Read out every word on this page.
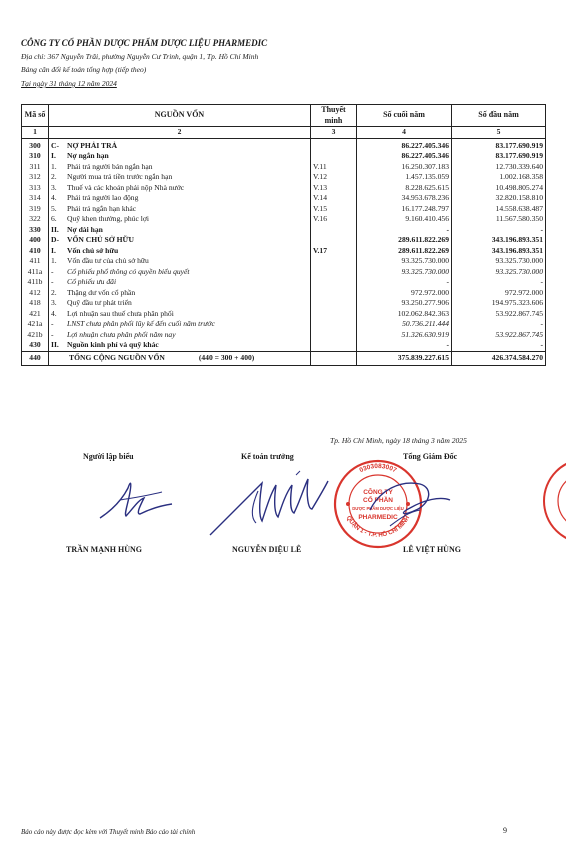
CÔNG TY CỔ PHẦN DƯỢC PHẨM DƯỢC LIỆU PHARMEDIC
Địa chỉ: 367 Nguyễn Trãi, phường Nguyễn Cư Trinh, quận 1, Tp. Hồ Chí Minh
Bảng cân đối kế toán tổng hợp (tiếp theo)
Tại ngày 31 tháng 12 năm 2024
Mã số	NGUỒN VỐN	Thuyết minh	Số cuối năm	Số đầu năm
1	2	3	4	5
300	C- NỢ PHẢI TRẢ		86.227.405.346	83.177.690.919
310	I. Nợ ngắn hạn		86.227.405.346	83.177.690.919
311	1. Phải trả người bán ngắn hạn	V.11	16.250.307.183	12.730.339.640
312	2. Người mua trả tiền trước ngắn hạn	V.12	1.457.135.059	1.002.168.358
313	3. Thuế và các khoản phải nộp Nhà nước	V.13	8.228.625.615	10.498.805.274
314	4. Phải trả người lao động	V.14	34.953.678.236	32.820.158.810
319	5. Phải trả ngắn hạn khác	V.15	16.177.248.797	14.558.638.487
322	6. Quỹ khen thưởng, phúc lợi	V.16	9.160.410.456	11.567.580.350
330	II. Nợ dài hạn		-	-
400	D- VỐN CHỦ SỞ HỮU		289.611.822.269	343.196.893.351
410	I. Vốn chủ sở hữu	V.17	289.611.822.269	343.196.893.351
411	1. Vốn đầu tư của chủ sở hữu		93.325.730.000	93.325.730.000
411a	- Cổ phiếu phổ thông có quyền biểu quyết		93.325.730.000	93.325.730.000
411b	- Cổ phiếu ưu đãi		-	-
412	2. Thặng dư vốn cổ phần		972.972.000	972.972.000
418	3. Quỹ đầu tư phát triển		93.250.277.906	194.975.323.606
421	4. Lợi nhuận sau thuế chưa phân phối		102.062.842.363	53.922.867.745
421a	- LNST chưa phân phối lũy kế đến cuối năm trước		50.736.211.444	-
421b	- Lợi nhuận chưa phân phối năm nay		51.326.630.919	53.922.867.745
430	II. Nguồn kinh phí và quỹ khác		-	-
440	TỔNG CỘNG NGUỒN VỐN (440 = 300 + 400)		375.839.227.615	426.374.584.270
Tp. Hồ Chí Minh, ngày 18 tháng 3 năm 2025
Người lập biểu	Kế toán trưởng	Tổng Giám Đốc
0303083007
QUẬN 1 - T.P. HỒ CHÍ MINH
CÔNG TY
CỔ PHẦN
DƯỢC PHẨM DƯỢC LIỆU
PHARMEDIC
TRẦN MẠNH HÙNG	NGUYỄN DIỆU LÊ	LÊ VIỆT HÙNG
Báo cáo này được đọc kèm với Thuyết minh Báo cáo tài chính	9
